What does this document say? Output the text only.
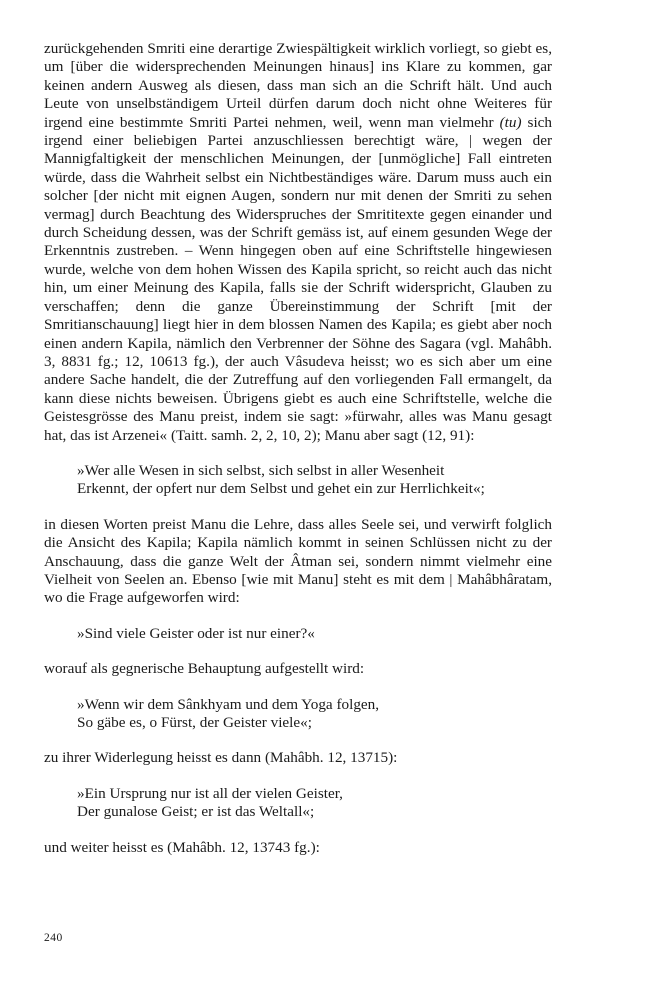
zurückgehenden Smriti eine derartige Zwiespältigkeit wirklich vorliegt, so giebt es, um [über die widersprechenden Meinungen hinaus] ins Klare zu kommen, gar keinen andern Ausweg als diesen, dass man sich an die Schrift hält. Und auch Leute von unselbständigem Urteil dürfen darum doch nicht ohne Weiteres für irgend eine bestimmte Smriti Partei nehmen, weil, wenn man vielmehr (tu) sich irgend einer beliebigen Partei anzuschliessen berechtigt wäre, | wegen der Mannigfaltigkeit der menschlichen Meinungen, der [unmögliche] Fall eintreten würde, dass die Wahrheit selbst ein Nichtbeständiges wäre. Darum muss auch ein solcher [der nicht mit eignen Augen, sondern nur mit denen der Smriti zu sehen vermag] durch Beachtung des Widerspruches der Smrititexte gegen einander und durch Scheidung dessen, was der Schrift gemäss ist, auf einem gesunden Wege der Erkenntnis zustreben. – Wenn hingegen oben auf eine Schriftstelle hingewiesen wurde, welche von dem hohen Wissen des Kapila spricht, so reicht auch das nicht hin, um einer Meinung des Kapila, falls sie der Schrift widerspricht, Glauben zu verschaffen; denn die ganze Übereinstimmung der Schrift [mit der Smritianschauung] liegt hier in dem blossen Namen des Kapila; es giebt aber noch einen andern Kapila, nämlich den Verbrenner der Söhne des Sagara (vgl. Mahâbh. 3, 8831 fg.; 12, 10613 fg.), der auch Vâsudeva heisst; wo es sich aber um eine andere Sache handelt, die der Zutreffung auf den vorliegenden Fall ermangelt, da kann diese nichts beweisen. Übrigens giebt es auch eine Schriftstelle, welche die Geistesgrösse des Manu preist, indem sie sagt: »fürwahr, alles was Manu gesagt hat, das ist Arzenei« (Taitt. samh. 2, 2, 10, 2); Manu aber sagt (12, 91):

»Wer alle Wesen in sich selbst, sich selbst in aller Wesenheit
Erkennt, der opfert nur dem Selbst und gehet ein zur Herrlichkeit«;

in diesen Worten preist Manu die Lehre, dass alles Seele sei, und verwirft folglich die Ansicht des Kapila; Kapila nämlich kommt in seinen Schlüssen nicht zu der Anschauung, dass die ganze Welt der Âtman sei, sondern nimmt vielmehr eine Vielheit von Seelen an. Ebenso [wie mit Manu] steht es mit dem | Mahâbhâratam, wo die Frage aufgeworfen wird:

»Sind viele Geister oder ist nur einer?«

worauf als gegnerische Behauptung aufgestellt wird:

»Wenn wir dem Sânkhyam und dem Yoga folgen,
So gäbe es, o Fürst, der Geister viele«;

zu ihrer Widerlegung heisst es dann (Mahâbh. 12, 13715):

»Ein Ursprung nur ist all der vielen Geister,
Der gunalose Geist; er ist das Weltall«;

und weiter heisst es (Mahâbh. 12, 13743 fg.):

240
